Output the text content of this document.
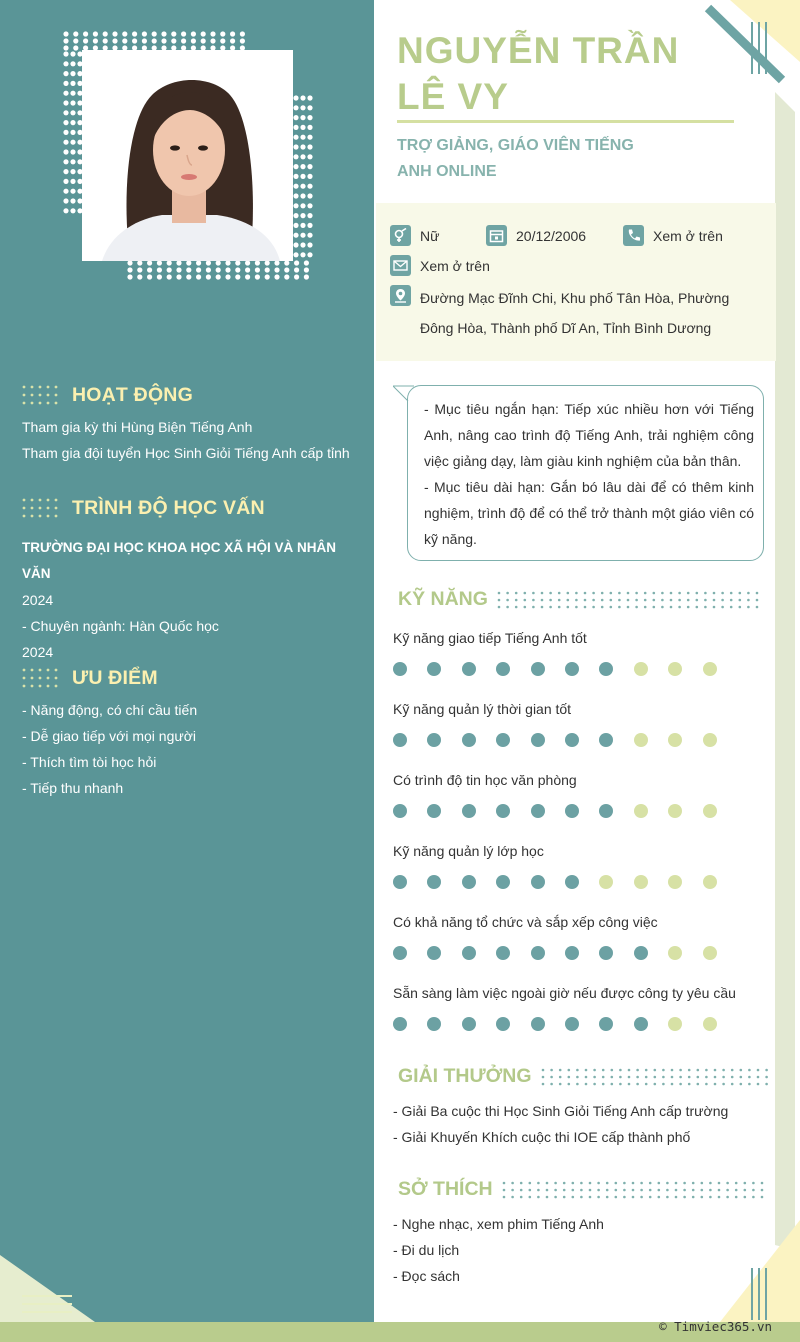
HOẠT ĐỘNG
Tham gia kỳ thi Hùng Biện Tiếng Anh
Tham gia đội tuyển Học Sinh Giỏi Tiếng Anh cấp tỉnh
TRÌNH ĐỘ HỌC VẤN
TRƯỜNG ĐẠI HỌC KHOA HỌC XÃ HỘI VÀ NHÂN VĂN
2024
- Chuyên ngành: Hàn Quốc học
2024
ƯU ĐIỂM
- Năng động, có chí cầu tiến
- Dễ giao tiếp với mọi người
- Thích tìm tòi học hỏi
- Tiếp thu nhanh
NGUYỄN TRẦN LÊ VY
TRỢ GIẢNG, GIÁO VIÊN TIẾNG ANH ONLINE
Nữ	20/12/2006	Xem ở trên
Xem ở trên
Đường Mạc Đĩnh Chi, Khu phố Tân Hòa, Phường Đông Hòa, Thành phố Dĩ An, Tỉnh Bình Dương
- Mục tiêu ngắn hạn: Tiếp xúc nhiều hơn với Tiếng Anh, nâng cao trình độ Tiếng Anh, trải nghiệm công việc giảng dạy, làm giàu kinh nghiệm của bản thân.
- Mục tiêu dài hạn: Gắn bó lâu dài để có thêm kinh nghiệm, trình độ để có thể trở thành một giáo viên có kỹ năng.
KỸ NĂNG
Kỹ năng giao tiếp Tiếng Anh tốt
Kỹ năng quản lý thời gian tốt
Có trình độ tin học văn phòng
Kỹ năng quản lý lớp học
Có khả năng tổ chức và sắp xếp công việc
Sẵn sàng làm việc ngoài giờ nếu được công ty yêu cầu
GIẢI THƯỞNG
- Giải Ba cuộc thi Học Sinh Giỏi Tiếng Anh cấp trường
- Giải Khuyến Khích cuộc thi IOE cấp thành phố
SỞ THÍCH
- Nghe nhạc, xem phim Tiếng Anh
- Đi du lịch
- Đọc sách
© Timviec365.vn
